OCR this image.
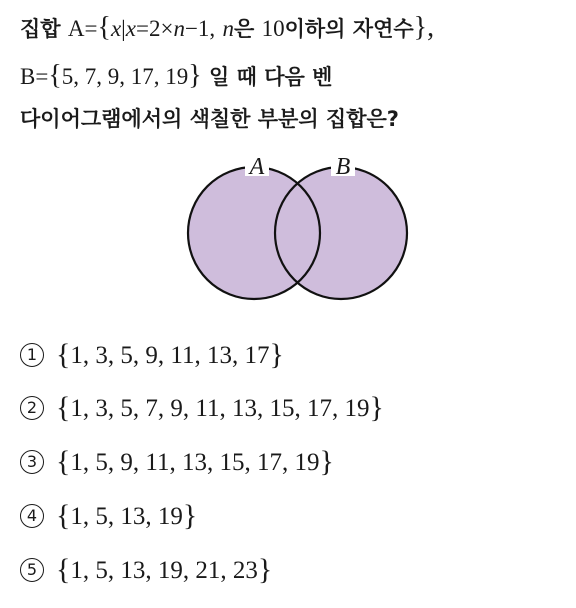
집합 A={x|x=2×n−1, n은 10이하의 자연수},
B={5, 7, 9, 17, 19} 일 때 다음 벤
다이어그램에서의 색칠한 부분의 집합은?
A	B
1 {1, 3, 5, 9, 11, 13, 17}
2 {1, 3, 5, 7, 9, 11, 13, 15, 17, 19}
3 {1, 5, 9, 11, 13, 15, 17, 19}
4 {1, 5, 13, 19}
5 {1, 5, 13, 19, 21, 23}
